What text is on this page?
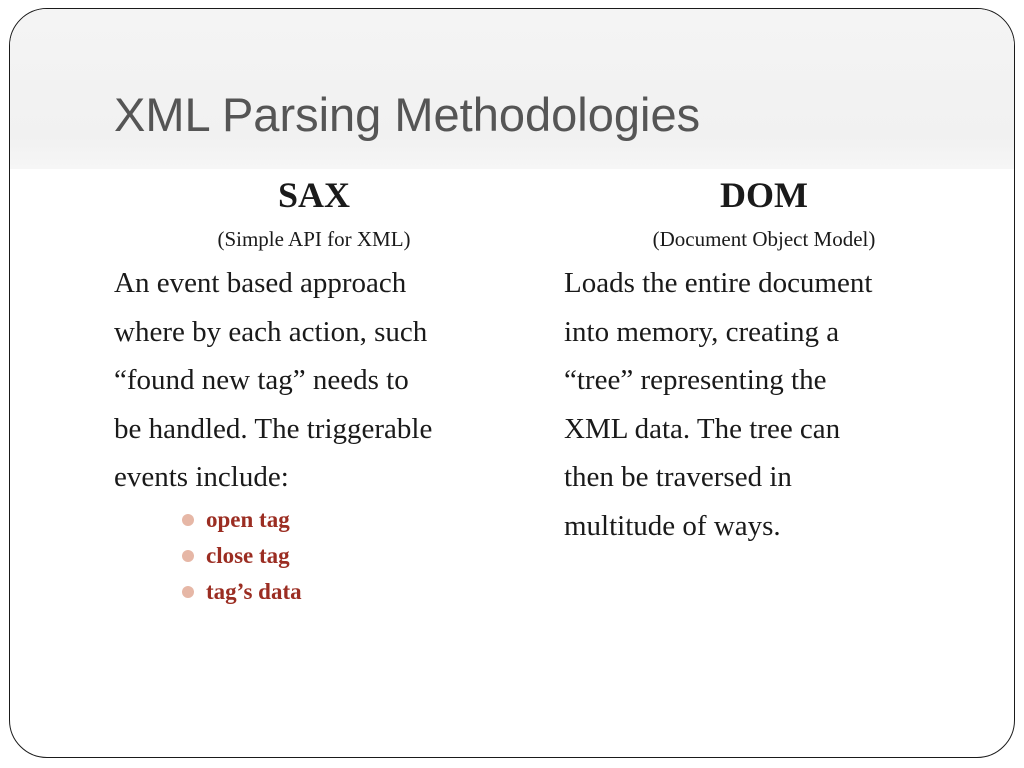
XML Parsing Methodologies
SAX

(Simple API for XML)

An event based approach
where by each action, such
“found new tag” needs to
be handled. The triggerable
events include:

open tag
close tag
tag’s data
DOM

(Document Object Model)

Loads the entire document
into memory, creating a
“tree” representing the
XML data. The tree can
then be traversed in
multitude of ways.
